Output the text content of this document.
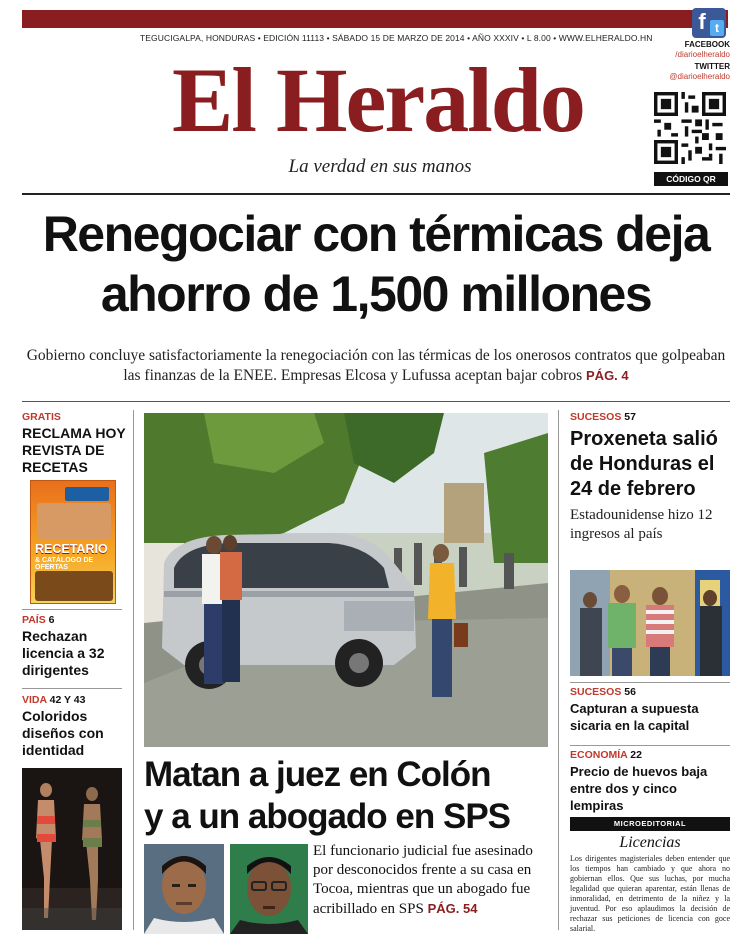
TEGUCIGALPA, HONDURAS • EDICIÓN 11113 • SÁBADO 15 DE MARZO DE 2014 • AÑO XXXIV • L 8.00 • WWW.ELHERALDO.HN
f t
FACEBOOK
/diarioelheraldo
TWITTER
@diarioelheraldo
El Heraldo
La verdad en sus manos
CÓDIGO QR
Renegociar con térmicas deja
ahorro de 1,500 millones
Gobierno concluye satisfactoriamente la renegociación con las térmicas de los onerosos contratos que golpeaban las finanzas de la ENEE. Empresas Elcosa y Lufussa aceptan bajar cobros PÁG. 4
GRATIS
RECLAMA HOY REVISTA DE RECETAS
RECETARIO
& CATÁLOGO DE OFERTAS
PAÍS 6
Rechazan licencia a 32 dirigentes
VIDA 42 Y 43
Coloridos diseños con identidad
Matan a juez en Colón
y a un abogado en SPS
El funcionario judicial fue asesinado por desconocidos frente a su casa en Tocoa, mientras que un abogado fue acribillado en SPS PÁG. 54
SUCESOS 57
Proxeneta salió de Honduras el 24 de febrero
Estadounidense hizo 12 ingresos al país
SUCESOS 56
Capturan a supuesta sicaria en la capital
ECONOMÍA 22
Precio de huevos baja entre dos y cinco lempiras
MICROEDITORIAL
Licencias
Los dirigentes magisteriales deben entender que los tiempos han cambiado y que ahora no gobiernan ellos. Que sus luchas, por mucha legalidad que quieran aparentar, están llenas de inmoralidad, en detrimento de la niñez y la juventud. Por eso aplaudimos la decisión de rechazar sus peticiones de licencia con goce salarial.
